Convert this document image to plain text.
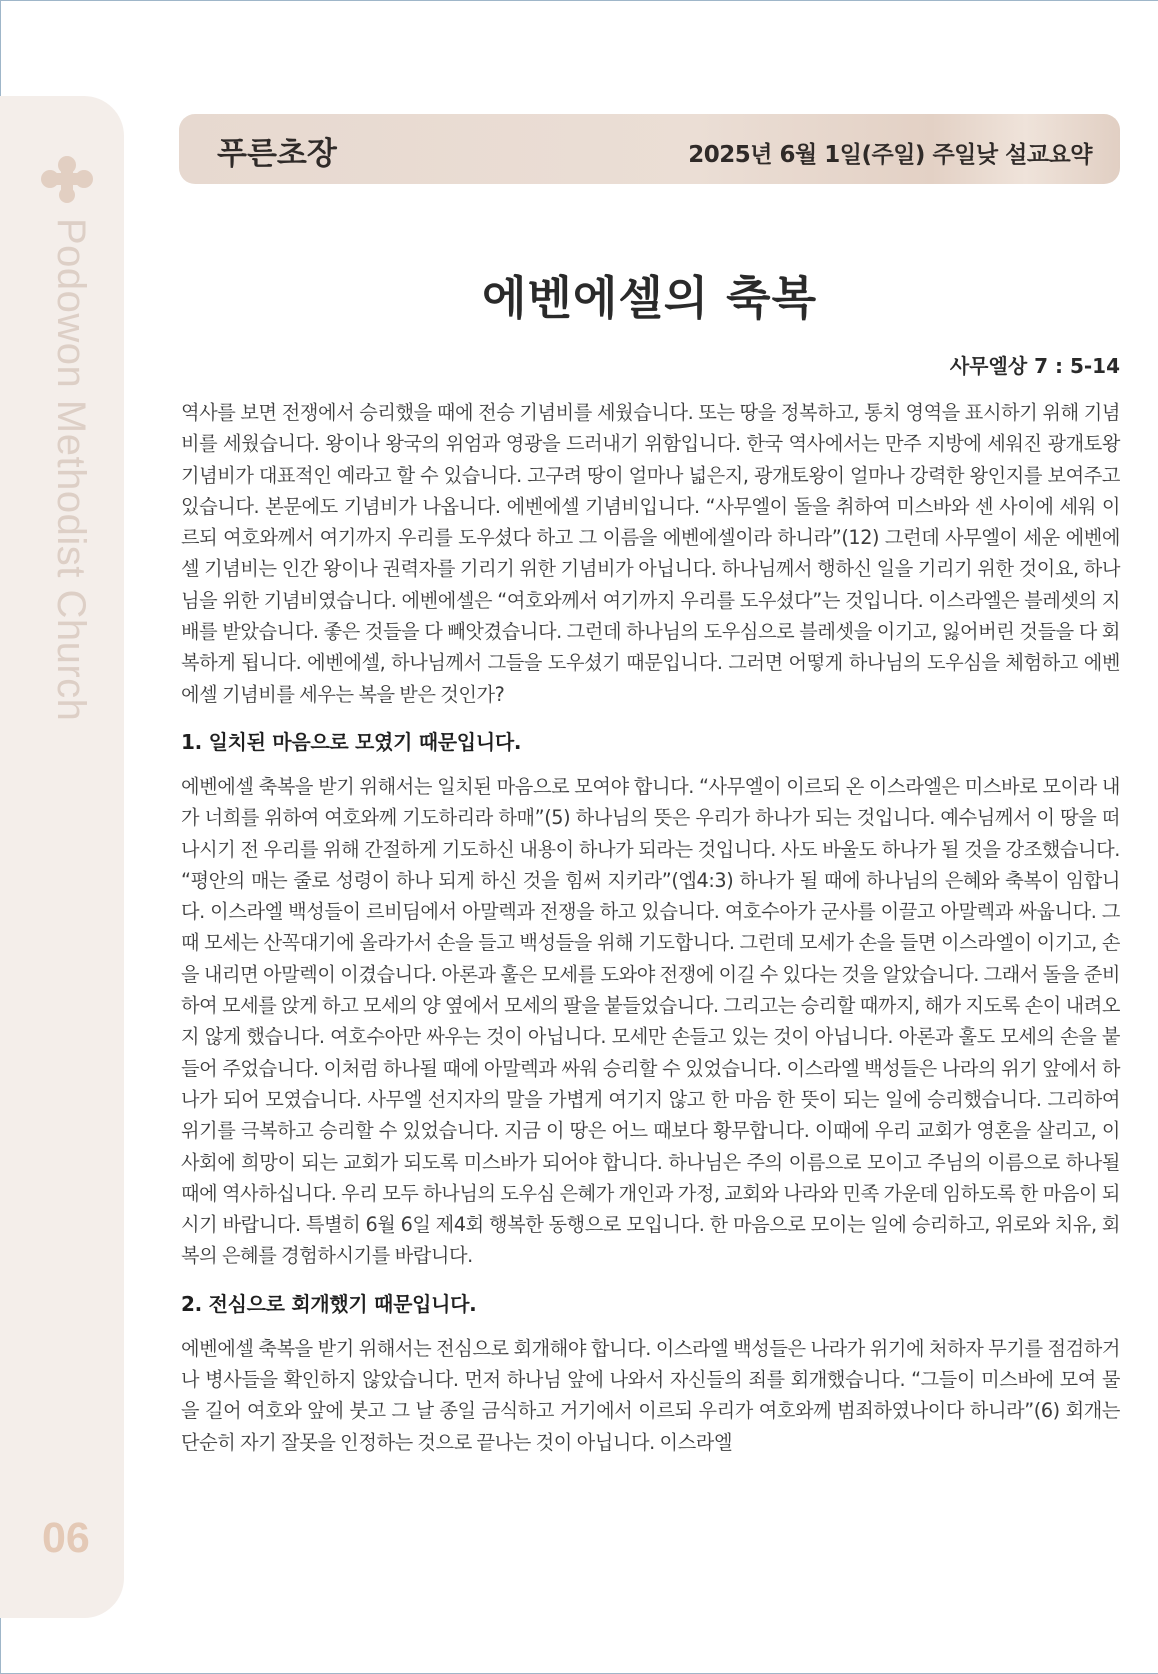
Podowon Methodist Church
06
푸른초장	2025년 6월 1일(주일) 주일낮 설교요약
에벤에셀의 축복
사무엘상 7 : 5-14

역사를 보면 전쟁에서 승리했을 때에 전승 기념비를 세웠습니다. 또는 땅을 정복하고, 통치 영역을 표시하기 위해 기념비를 세웠습니다. 왕이나 왕국의 위엄과 영광을 드러내기 위함입니다. 한국 역사에서는 만주 지방에 세워진 광개토왕 기념비가 대표적인 예라고 할 수 있습니다. 고구려 땅이 얼마나 넓은지, 광개토왕이 얼마나 강력한 왕인지를 보여주고 있습니다. 본문에도 기념비가 나옵니다. 에벤에셀 기념비입니다. “사무엘이 돌을 취하여 미스바와 센 사이에 세워 이르되 여호와께서 여기까지 우리를 도우셨다 하고 그 이름을 에벤에셀이라 하니라”(12) 그런데 사무엘이 세운 에벤에셀 기념비는 인간 왕이나 권력자를 기리기 위한 기념비가 아닙니다. 하나님께서 행하신 일을 기리기 위한 것이요, 하나님을 위한 기념비였습니다. 에벤에셀은 “여호와께서 여기까지 우리를 도우셨다”는 것입니다. 이스라엘은 블레셋의 지배를 받았습니다. 좋은 것들을 다 빼앗겼습니다. 그런데 하나님의 도우심으로 블레셋을 이기고, 잃어버린 것들을 다 회복하게 됩니다. 에벤에셀, 하나님께서 그들을 도우셨기 때문입니다. 그러면 어떻게 하나님의 도우심을 체험하고 에벤에셀 기념비를 세우는 복을 받은 것인가?

1. 일치된 마음으로 모였기 때문입니다.

에벤에셀 축복을 받기 위해서는 일치된 마음으로 모여야 합니다. “사무엘이 이르되 온 이스라엘은 미스바로 모이라 내가 너희를 위하여 여호와께 기도하리라 하매”(5) 하나님의 뜻은 우리가 하나가 되는 것입니다. 예수님께서 이 땅을 떠나시기 전 우리를 위해 간절하게 기도하신 내용이 하나가 되라는 것입니다. 사도 바울도 하나가 될 것을 강조했습니다. “평안의 매는 줄로 성령이 하나 되게 하신 것을 힘써 지키라”(엡4:3) 하나가 될 때에 하나님의 은혜와 축복이 임합니다. 이스라엘 백성들이 르비딤에서 아말렉과 전쟁을 하고 있습니다. 여호수아가 군사를 이끌고 아말렉과 싸웁니다. 그때 모세는 산꼭대기에 올라가서 손을 들고 백성들을 위해 기도합니다. 그런데 모세가 손을 들면 이스라엘이 이기고, 손을 내리면 아말렉이 이겼습니다. 아론과 훌은 모세를 도와야 전쟁에 이길 수 있다는 것을 알았습니다. 그래서 돌을 준비하여 모세를 앉게 하고 모세의 양 옆에서 모세의 팔을 붙들었습니다. 그리고는 승리할 때까지, 해가 지도록 손이 내려오지 않게 했습니다. 여호수아만 싸우는 것이 아닙니다. 모세만 손들고 있는 것이 아닙니다. 아론과 훌도 모세의 손을 붙들어 주었습니다. 이처럼 하나될 때에 아말렉과 싸워 승리할 수 있었습니다. 이스라엘 백성들은 나라의 위기 앞에서 하나가 되어 모였습니다. 사무엘 선지자의 말을 가볍게 여기지 않고 한 마음 한 뜻이 되는 일에 승리했습니다. 그리하여 위기를 극복하고 승리할 수 있었습니다. 지금 이 땅은 어느 때보다 황무합니다. 이때에 우리 교회가 영혼을 살리고, 이 사회에 희망이 되는 교회가 되도록 미스바가 되어야 합니다. 하나님은 주의 이름으로 모이고 주님의 이름으로 하나될 때에 역사하십니다. 우리 모두 하나님의 도우심 은혜가 개인과 가정, 교회와 나라와 민족 가운데 임하도록 한 마음이 되시기 바랍니다. 특별히 6월 6일 제4회 행복한 동행으로 모입니다. 한 마음으로 모이는 일에 승리하고, 위로와 치유, 회복의 은혜를 경험하시기를 바랍니다.

2. 전심으로 회개했기 때문입니다.

에벤에셀 축복을 받기 위해서는 전심으로 회개해야 합니다. 이스라엘 백성들은 나라가 위기에 처하자 무기를 점검하거나 병사들을 확인하지 않았습니다. 먼저 하나님 앞에 나와서 자신들의 죄를 회개했습니다. “그들이 미스바에 모여 물을 길어 여호와 앞에 붓고 그 날 종일 금식하고 거기에서 이르되 우리가 여호와께 범죄하였나이다 하니라”(6) 회개는 단순히 자기 잘못을 인정하는 것으로 끝나는 것이 아닙니다. 이스라엘
